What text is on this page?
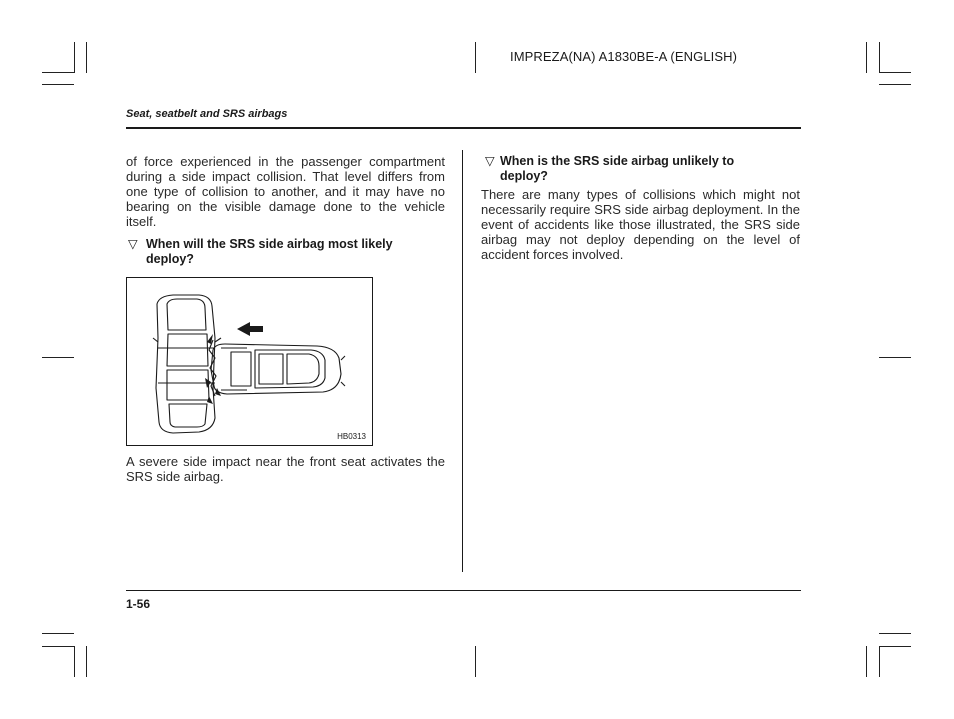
IMPREZA(NA) A1830BE-A (ENGLISH)
Seat, seatbelt and SRS airbags
of force experienced in the passenger compartment during a side impact collision. That level differs from one type of collision to another, and it may have no bearing on the visible damage done to the vehicle itself.
▽ When will the SRS side airbag most likely deploy?
HB0313
A severe side impact near the front seat activates the SRS side airbag.
▽ When is the SRS side airbag unlikely to deploy?
There are many types of collisions which might not necessarily require SRS side airbag deployment. In the event of accidents like those illustrated, the SRS side airbag may not deploy depending on the level of accident forces involved.
1-56
